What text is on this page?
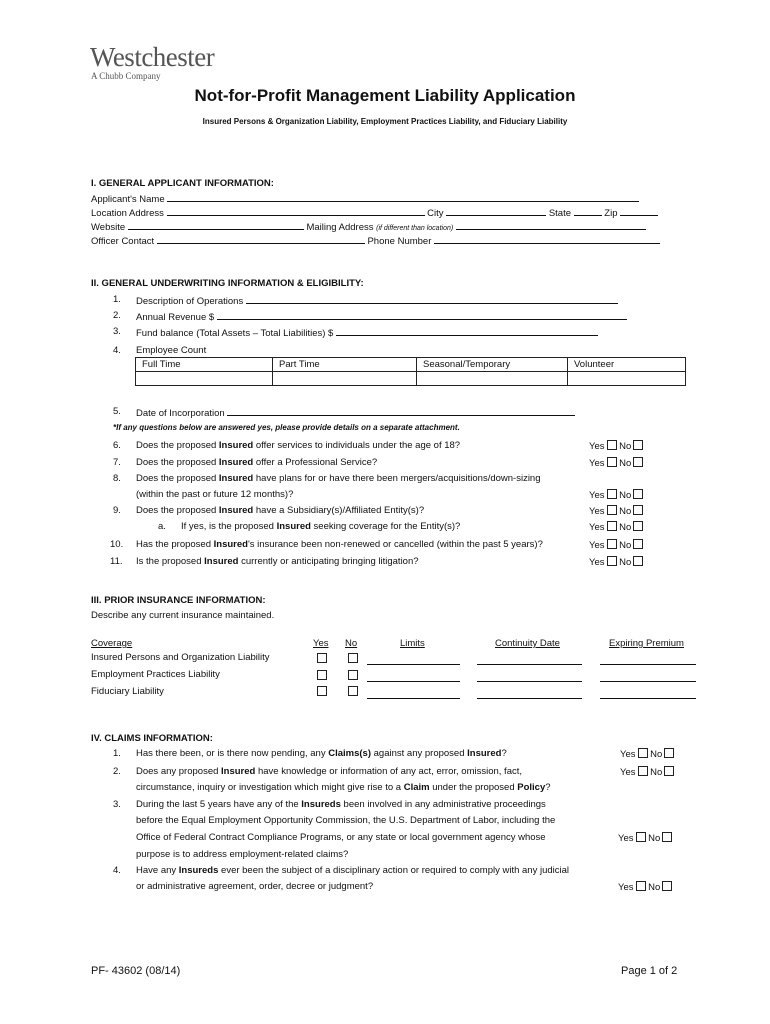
Westchester
A Chubb Company
Not-for-Profit Management Liability Application
Insured Persons & Organization Liability, Employment Practices Liability, and Fiduciary Liability
I. GENERAL APPLICANT INFORMATION:
Applicant's Name
Location Address	City	State	Zip
Website	Mailing Address (if different than location)
Officer Contact	Phone Number
II. GENERAL UNDERWRITING INFORMATION & ELIGIBILITY:
1. Description of Operations
2. Annual Revenue $
3. Fund balance (Total Assets – Total Liabilities) $
4. Employee Count
Full Time	Part Time	Seasonal/Temporary	Volunteer

5. Date of Incorporation
*If any questions below are answered yes, please provide details on a separate attachment.
6. Does the proposed Insured offer services to individuals under the age of 18?	Yes No
7. Does the proposed Insured offer a Professional Service?	Yes No
8. Does the proposed Insured have plans for or have there been mergers/acquisitions/down-sizing
(within the past or future 12 months)?	Yes No
9. Does the proposed Insured have a Subsidiary(s)/Affiliated Entity(s)?	Yes No
a. If yes, is the proposed Insured seeking coverage for the Entity(s)?	Yes No
10. Has the proposed Insured's insurance been non-renewed or cancelled (within the past 5 years)?	Yes No
11. Is the proposed Insured currently or anticipating bringing litigation?	Yes No
III. PRIOR INSURANCE INFORMATION:
Describe any current insurance maintained.
Coverage	Yes No	Limits	Continuity Date	Expiring Premium
Insured Persons and Organization Liability
Employment Practices Liability
Fiduciary Liability
IV. CLAIMS INFORMATION:
1. Has there been, or is there now pending, any Claims(s) against any proposed Insured?	Yes No
2. Does any proposed Insured have knowledge or information of any act, error, omission, fact,	Yes No
circumstance, inquiry or investigation which might give rise to a Claim under the proposed Policy?
3. During the last 5 years have any of the Insureds been involved in any administrative proceedings
before the Equal Employment Opportunity Commission, the U.S. Department of Labor, including the
Office of Federal Contract Compliance Programs, or any state or local government agency whose	Yes No
purpose is to address employment-related claims?
4. Have any Insureds ever been the subject of a disciplinary action or required to comply with any judicial
or administrative agreement, order, decree or judgment?	Yes No
PF- 43602 (08/14)	Page 1 of 2
